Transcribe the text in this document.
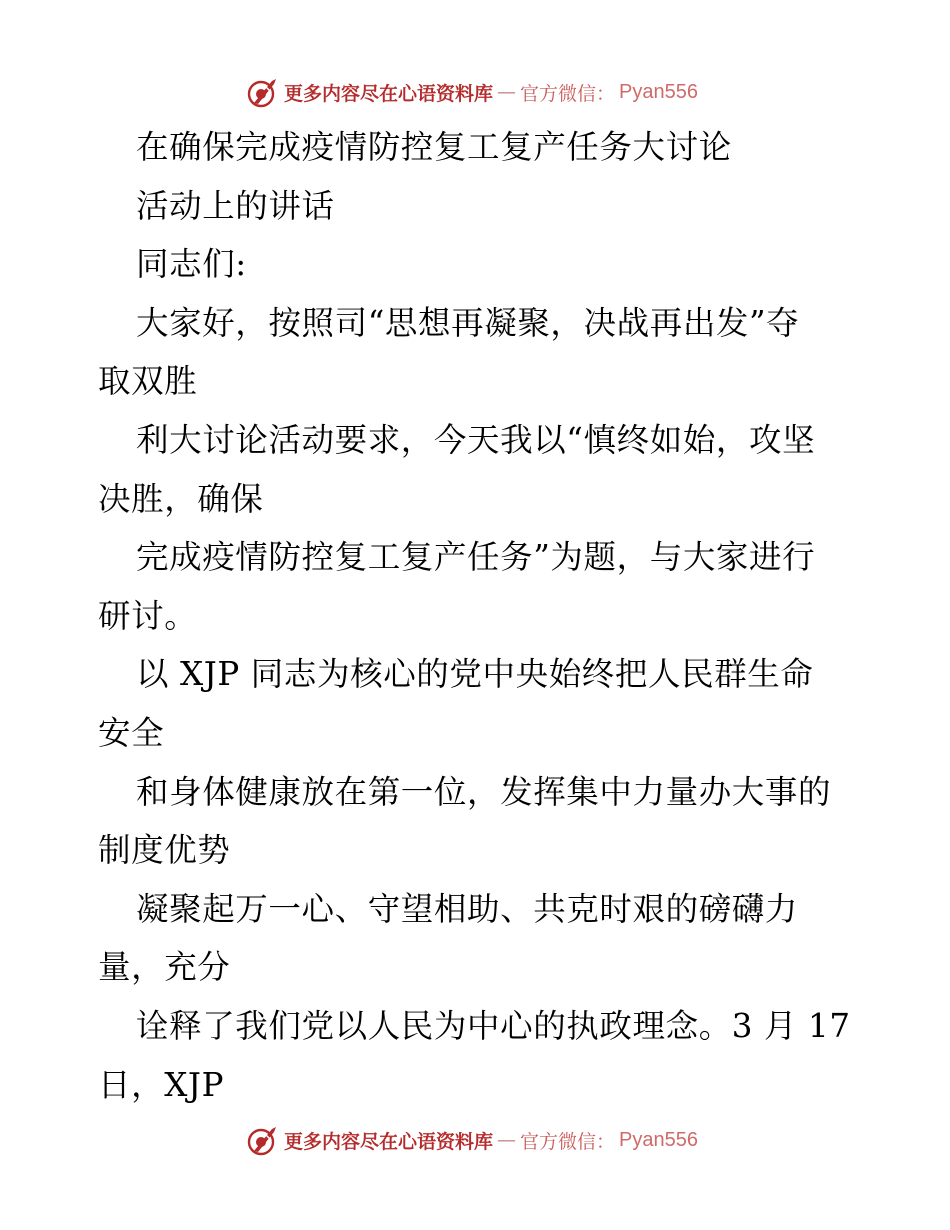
更多内容尽在心语资料库 — 官方微信： Pyan556
在确保完成疫情防控复工复产任务大讨论
活动上的讲话
同志们:
大家好，按照司“思想再凝聚，决战再出发”夺
取双胜
利大讨论活动要求，今天我以“慎终如始，攻坚
决胜，确保
完成疫情防控复工复产任务”为题，与大家进行
研讨。
以 XJP 同志为核心的党中央始终把人民群生命
安全
和身体健康放在第一位，发挥集中力量办大事的
制度优势
凝聚起万一心、守望相助、共克时艰的磅礴力
量，充分
诠释了我们党以人民为中心的执政理念。3 月 17
日，XJP
更多内容尽在心语资料库 — 官方微信： Pyan556
